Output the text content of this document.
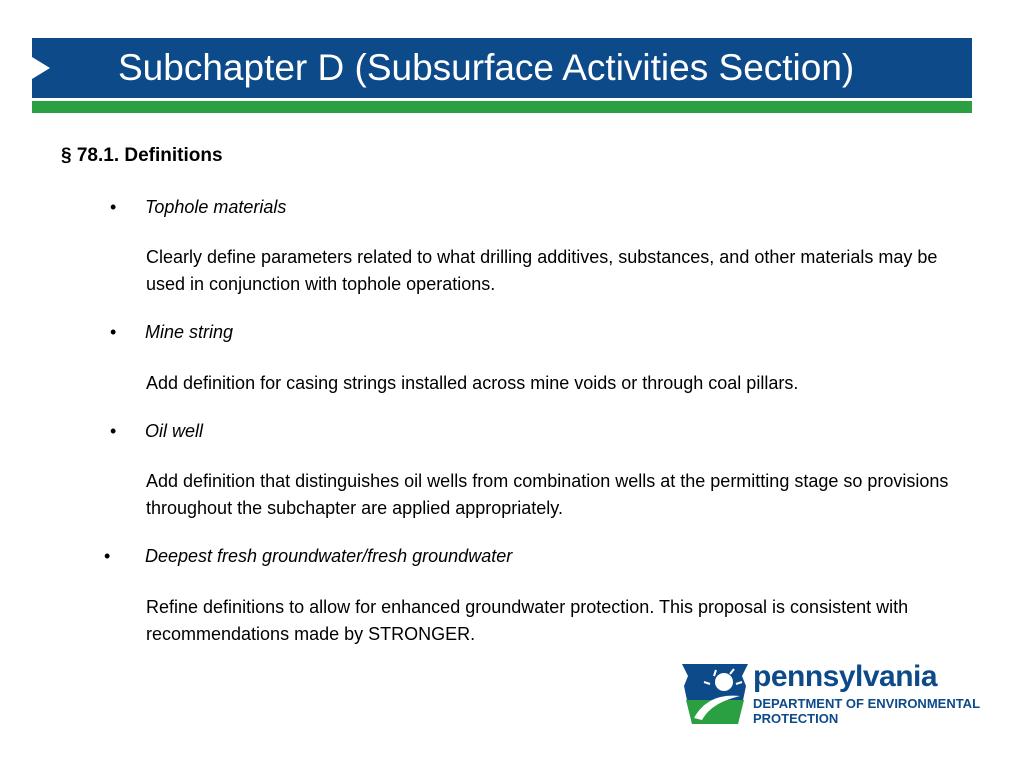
Subchapter D (Subsurface Activities Section)
§ 78.1. Definitions
• Tophole materials
Clearly define parameters related to what drilling additives, substances, and other materials may be used in conjunction with tophole operations.
• Mine string
Add definition for casing strings installed across mine voids or through coal pillars.
• Oil well
Add definition that distinguishes oil wells from combination wells at the permitting stage so provisions throughout the subchapter are applied appropriately.
• Deepest fresh groundwater/fresh groundwater
Refine definitions to allow for enhanced groundwater protection. This proposal is consistent with recommendations made by STRONGER.
pennsylvania
DEPARTMENT OF ENVIRONMENTAL PROTECTION
